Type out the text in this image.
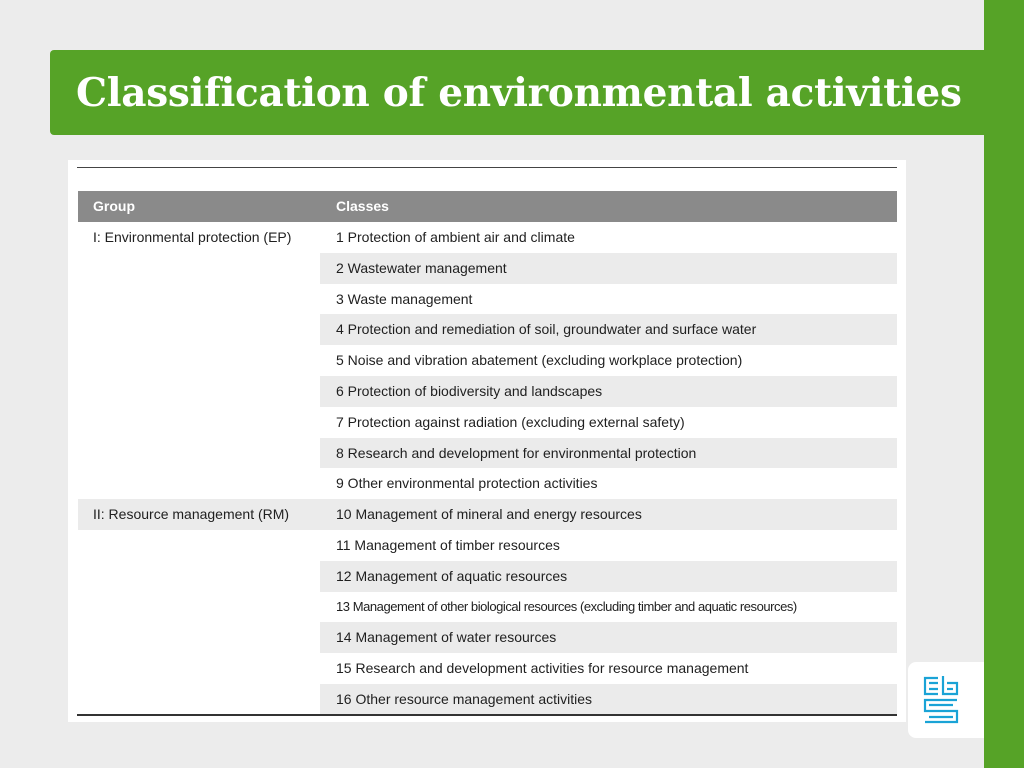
Classification of environmental activities
Group	Classes
I: Environmental protection (EP)	1 Protection of ambient air and climate
2 Wastewater management
3 Waste management
4 Protection and remediation of soil, groundwater and surface water
5 Noise and vibration abatement (excluding workplace protection)
6 Protection of biodiversity and landscapes
7 Protection against radiation (excluding external safety)
8 Research and development for environmental protection
9 Other environmental protection activities
II: Resource management (RM)	10 Management of mineral and energy resources
11 Management of timber resources
12 Management of aquatic resources
13 Management of other biological resources (excluding timber and aquatic resources)
14 Management of water resources
15 Research and development activities for resource management
16 Other resource management activities
